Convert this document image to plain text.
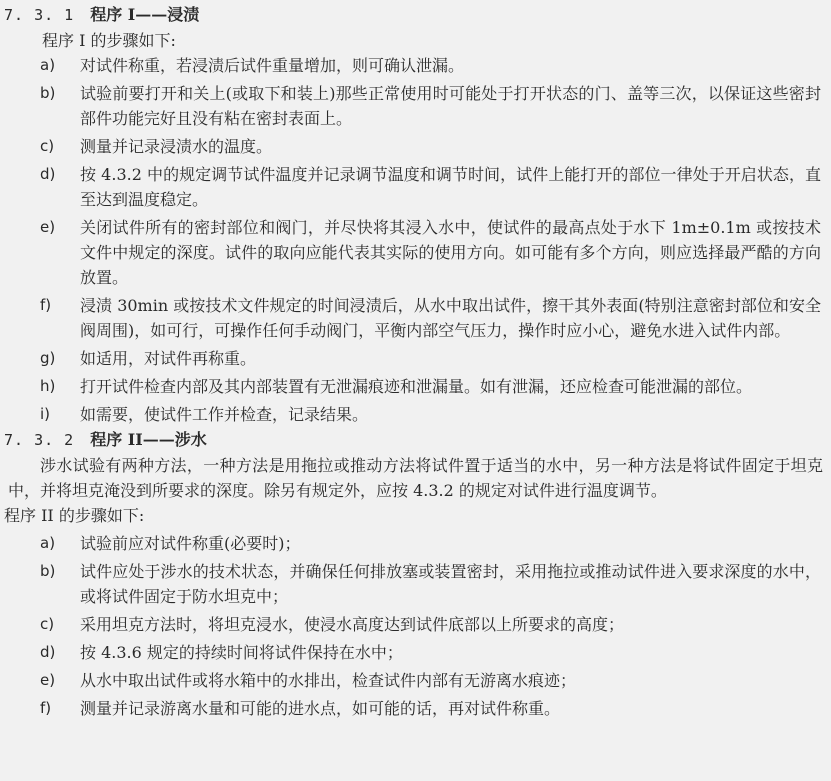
7. 3. 1 程序 I——浸渍
程序 I 的步骤如下:
a)	对试件称重，若浸渍后试件重量增加，则可确认泄漏。
b)	试验前要打开和关上(或取下和装上)那些正常使用时可能处于打开状态的门、盖等三次，以保证这些密封部件功能完好且没有粘在密封表面上。
c)	测量并记录浸渍水的温度。
d)	按 4.3.2 中的规定调节试件温度并记录调节温度和调节时间，试件上能打开的部位一律处于开启状态，直至达到温度稳定。
e)	关闭试件所有的密封部位和阀门，并尽快将其浸入水中，使试件的最高点处于水下 1m±0.1m 或按技术文件中规定的深度。试件的取向应能代表其实际的使用方向。如可能有多个方向，则应选择最严酷的方向放置。
f)	浸渍 30min 或按技术文件规定的时间浸渍后，从水中取出试件，擦干其外表面(特别注意密封部位和安全阀周围)，如可行，可操作任何手动阀门，平衡内部空气压力，操作时应小心，避免水进入试件内部。
g)	如适用，对试件再称重。
h)	打开试件检查内部及其内部装置有无泄漏痕迹和泄漏量。如有泄漏，还应检查可能泄漏的部位。
i)	如需要，使试件工作并检查，记录结果。
7. 3. 2 程序 II——涉水

涉水试验有两种方法，一种方法是用拖拉或推动方法将试件置于适当的水中，另一种方法是将试件固定于坦克中，并将坦克淹没到所要求的深度。除另有规定外，应按 4.3.2 的规定对试件进行温度调节。

程序 II 的步骤如下:

a)	试验前应对试件称重(必要时)；
b)	试件应处于涉水的技术状态，并确保任何排放塞或装置密封，采用拖拉或推动试件进入要求深度的水中，或将试件固定于防水坦克中；
c)	采用坦克方法时，将坦克浸水，使浸水高度达到试件底部以上所要求的高度；
d)	按 4.3.6 规定的持续时间将试件保持在水中；
e)	从水中取出试件或将水箱中的水排出，检查试件内部有无游离水痕迹；
f)	测量并记录游离水量和可能的进水点，如可能的话，再对试件称重。
